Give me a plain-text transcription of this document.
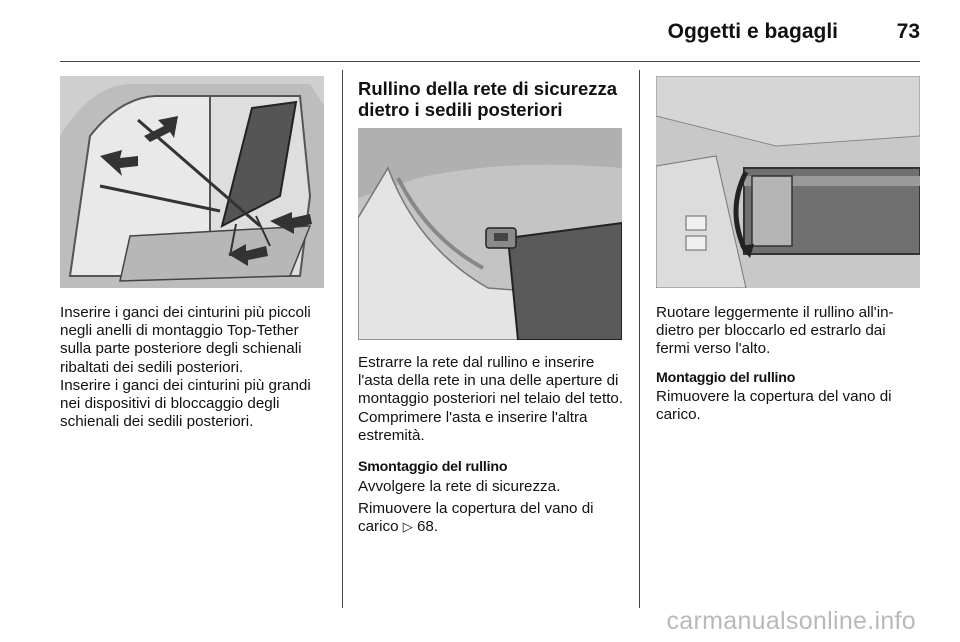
Oggetti e bagagli	73
Inserire i ganci dei cinturini più piccoli negli anelli di montaggio Top-Tether sulla parte posteriore degli schienali ribaltati dei sedili posteriori.
Inserire i ganci dei cinturini più grandi nei dispositivi di bloccaggio degli schienali dei sedili posteriori.
Rullino della rete di sicurezza dietro i sedili posteriori
Estrarre la rete dal rullino e inserire l'asta della rete in una delle aperture di montaggio posteriori nel telaio del tetto. Comprimere l'asta e inserire l'altra estremità.
Smontaggio del rullino
Avvolgere la rete di sicurezza.
Rimuovere la copertura del vano di carico ▷ 68.
Ruotare leggermente il rullino all'indietro per bloccarlo ed estrarlo dai fermi verso l'alto.
Montaggio del rullino
Rimuovere la copertura del vano di carico.
carmanualsonline.info
